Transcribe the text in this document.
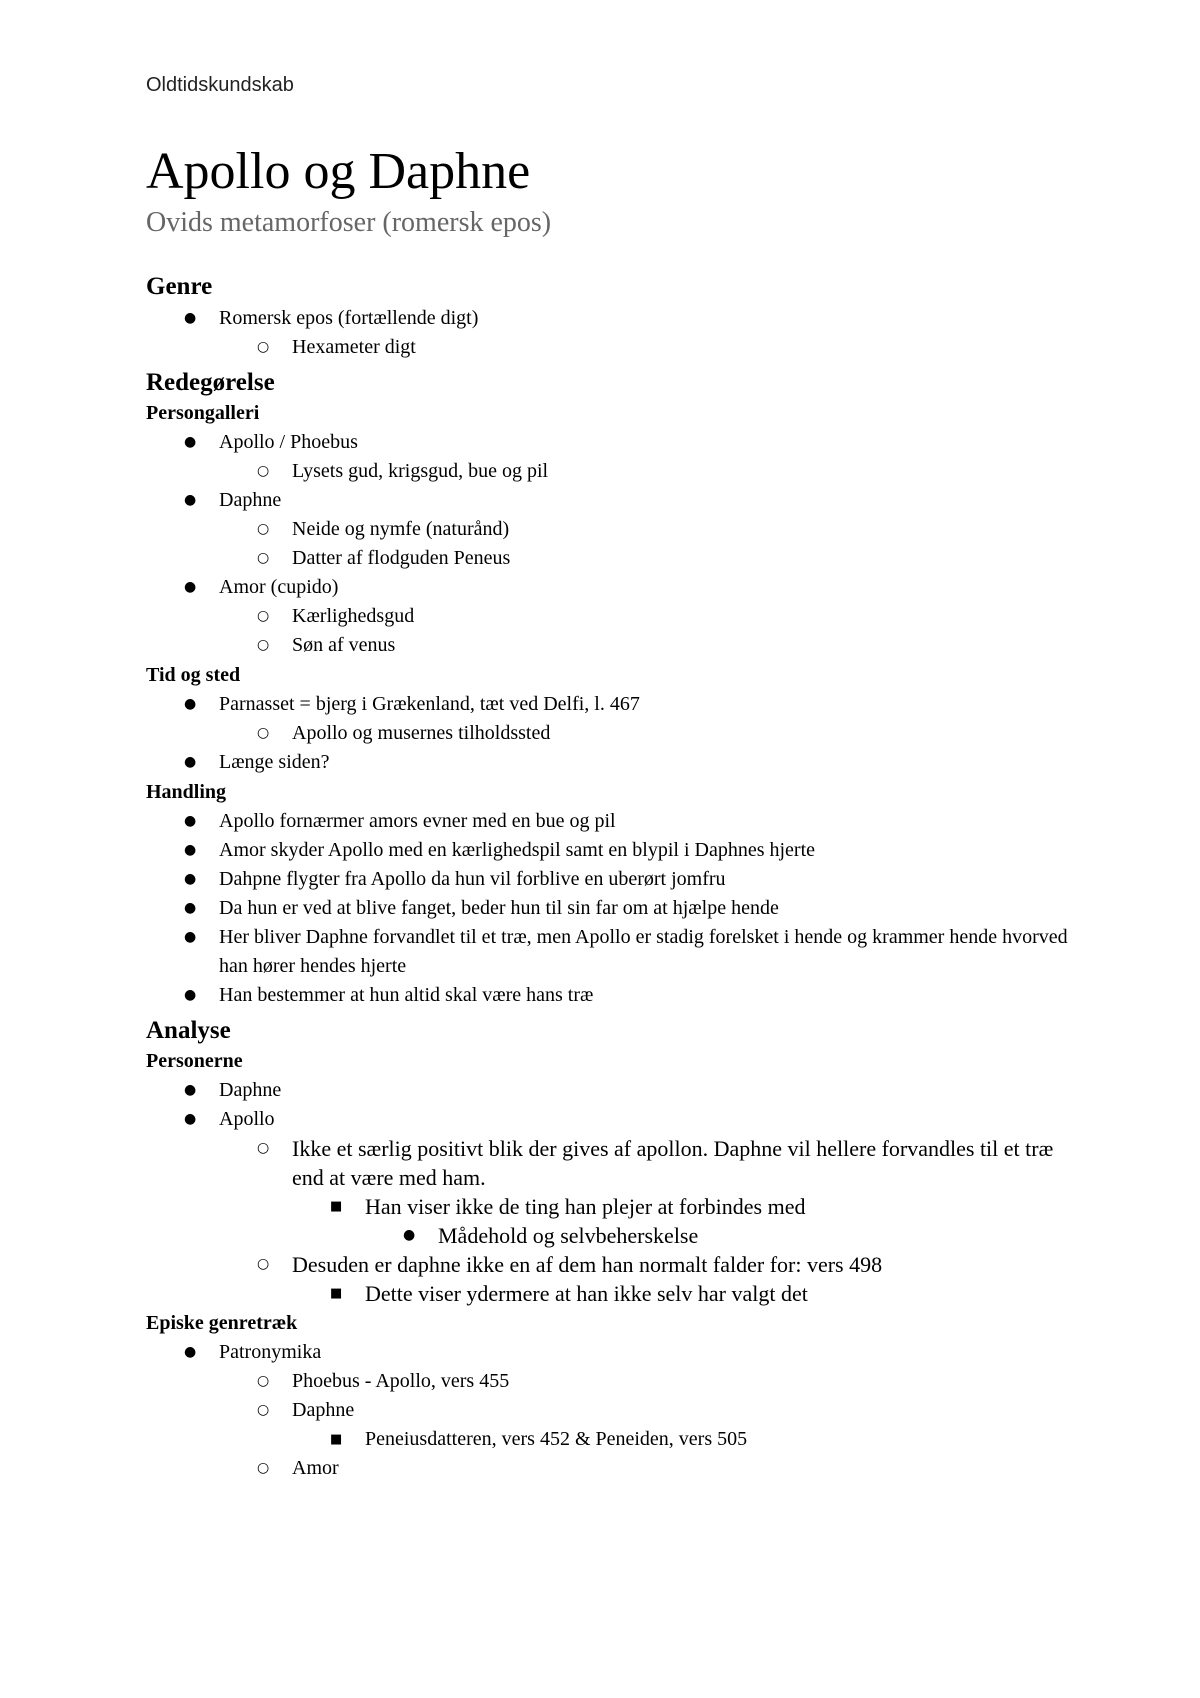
Oldtidskundskab
Apollo og Daphne
Ovids metamorfoser (romersk epos)
Genre
● Romersk epos (fortællende digt)
○ Hexameter digt
Redegørelse
Persongalleri
● Apollo / Phoebus
○ Lysets gud, krigsgud, bue og pil
● Daphne
○ Neide og nymfe (naturånd)
○ Datter af flodguden Peneus
● Amor (cupido)
○ Kærlighedsgud
○ Søn af venus
Tid og sted
● Parnasset = bjerg i Grækenland, tæt ved Delfi, l. 467
○ Apollo og musernes tilholdssted
● Længe siden?
Handling
● Apollo fornærmer amors evner med en bue og pil
● Amor skyder Apollo med en kærlighedspil samt en blypil i Daphnes hjerte
● Dahpne flygter fra Apollo da hun vil forblive en uberørt jomfru
● Da hun er ved at blive fanget, beder hun til sin far om at hjælpe hende
● Her bliver Daphne forvandlet til et træ, men Apollo er stadig forelsket i hende og krammer hende hvorved han hører hendes hjerte
● Han bestemmer at hun altid skal være hans træ
Analyse
Personerne
● Daphne
● Apollo
○ Ikke et særlig positivt blik der gives af apollon. Daphne vil hellere forvandles til et træ end at være med ham.
■ Han viser ikke de ting han plejer at forbindes med
● Mådehold og selvbeherskelse
○ Desuden er daphne ikke en af dem han normalt falder for: vers 498
■ Dette viser ydermere at han ikke selv har valgt det
Episke genretræk
● Patronymika
○ Phoebus - Apollo, vers 455
○ Daphne
■ Peneiusdatteren, vers 452 & Peneiden, vers 505
○ Amor
